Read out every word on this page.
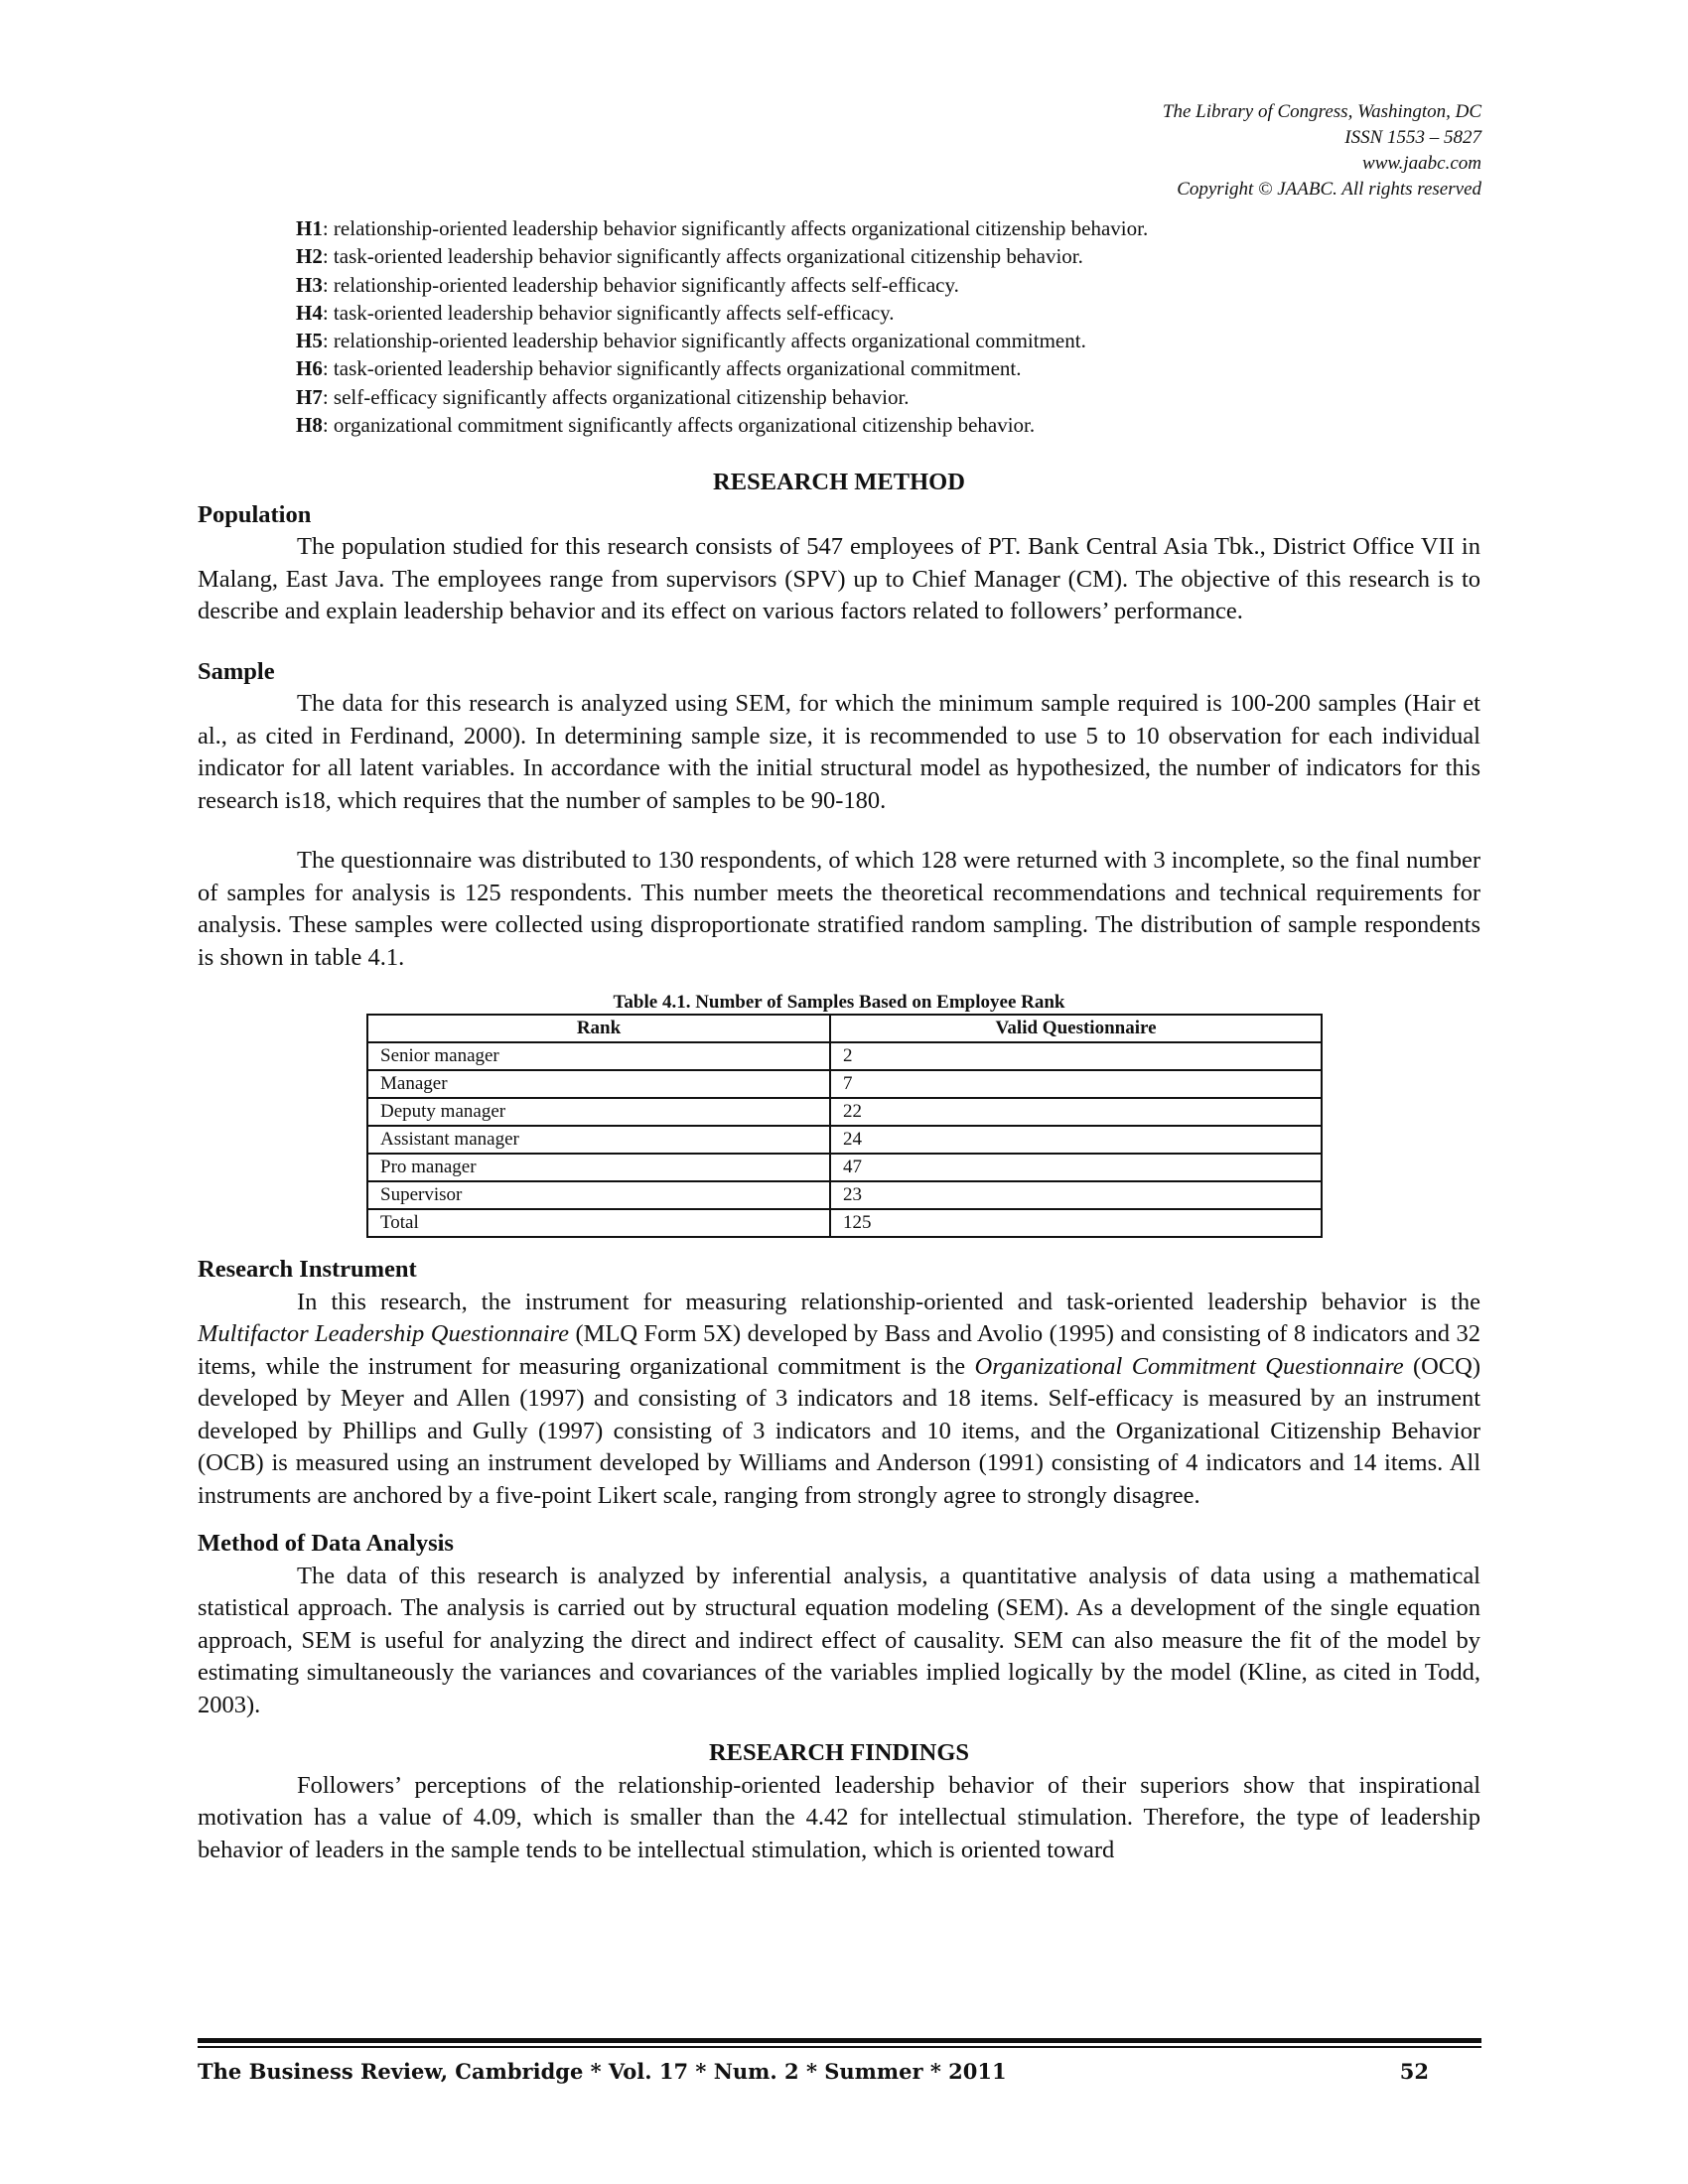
The Library of Congress, Washington, DC
ISSN 1553 – 5827
www.jaabc.com
Copyright © JAABC. All rights reserved
H1: relationship-oriented leadership behavior significantly affects organizational citizenship behavior.
H2: task-oriented leadership behavior significantly affects organizational citizenship behavior.
H3: relationship-oriented leadership behavior significantly affects self-efficacy.
H4: task-oriented leadership behavior significantly affects self-efficacy.
H5: relationship-oriented leadership behavior significantly affects organizational commitment.
H6: task-oriented leadership behavior significantly affects organizational commitment.
H7: self-efficacy significantly affects organizational citizenship behavior.
H8: organizational commitment significantly affects organizational citizenship behavior.
RESEARCH METHOD

Population

The population studied for this research consists of 547 employees of PT. Bank Central Asia Tbk., District Office VII in Malang, East Java. The employees range from supervisors (SPV) up to Chief Manager (CM). The objective of this research is to describe and explain leadership behavior and its effect on various factors related to followers’ performance.

Sample

The data for this research is analyzed using SEM, for which the minimum sample required is 100-200 samples (Hair et al., as cited in Ferdinand, 2000). In determining sample size, it is recommended to use 5 to 10 observation for each individual indicator for all latent variables. In accordance with the initial structural model as hypothesized, the number of indicators for this research is18, which requires that the number of samples to be 90-180.

The questionnaire was distributed to 130 respondents, of which 128 were returned with 3 incomplete, so the final number of samples for analysis is 125 respondents. This number meets the theoretical recommendations and technical requirements for analysis. These samples were collected using disproportionate stratified random sampling. The distribution of sample respondents is shown in table 4.1.

Table 4.1. Number of Samples Based on Employee Rank

Rank	Valid Questionnaire
Senior manager	2
Manager	7
Deputy manager	22
Assistant manager	24
Pro manager	47
Supervisor	23
Total	125

Research Instrument

In this research, the instrument for measuring relationship-oriented and task-oriented leadership behavior is the Multifactor Leadership Questionnaire (MLQ Form 5X) developed by Bass and Avolio (1995) and consisting of 8 indicators and 32 items, while the instrument for measuring organizational commitment is the Organizational Commitment Questionnaire (OCQ) developed by Meyer and Allen (1997) and consisting of 3 indicators and 18 items. Self-efficacy is measured by an instrument developed by Phillips and Gully (1997) consisting of 3 indicators and 10 items, and the Organizational Citizenship Behavior (OCB) is measured using an instrument developed by Williams and Anderson (1991) consisting of 4 indicators and 14 items. All instruments are anchored by a five-point Likert scale, ranging from strongly agree to strongly disagree.

Method of Data Analysis

The data of this research is analyzed by inferential analysis, a quantitative analysis of data using a mathematical statistical approach. The analysis is carried out by structural equation modeling (SEM). As a development of the single equation approach, SEM is useful for analyzing the direct and indirect effect of causality. SEM can also measure the fit of the model by estimating simultaneously the variances and covariances of the variables implied logically by the model (Kline, as cited in Todd, 2003).

RESEARCH FINDINGS

Followers’ perceptions of the relationship-oriented leadership behavior of their superiors show that inspirational motivation has a value of 4.09, which is smaller than the 4.42 for intellectual stimulation. Therefore, the type of leadership behavior of leaders in the sample tends to be intellectual stimulation, which is oriented toward

The Business Review, Cambridge * Vol. 17 * Num. 2 * Summer * 2011	52
